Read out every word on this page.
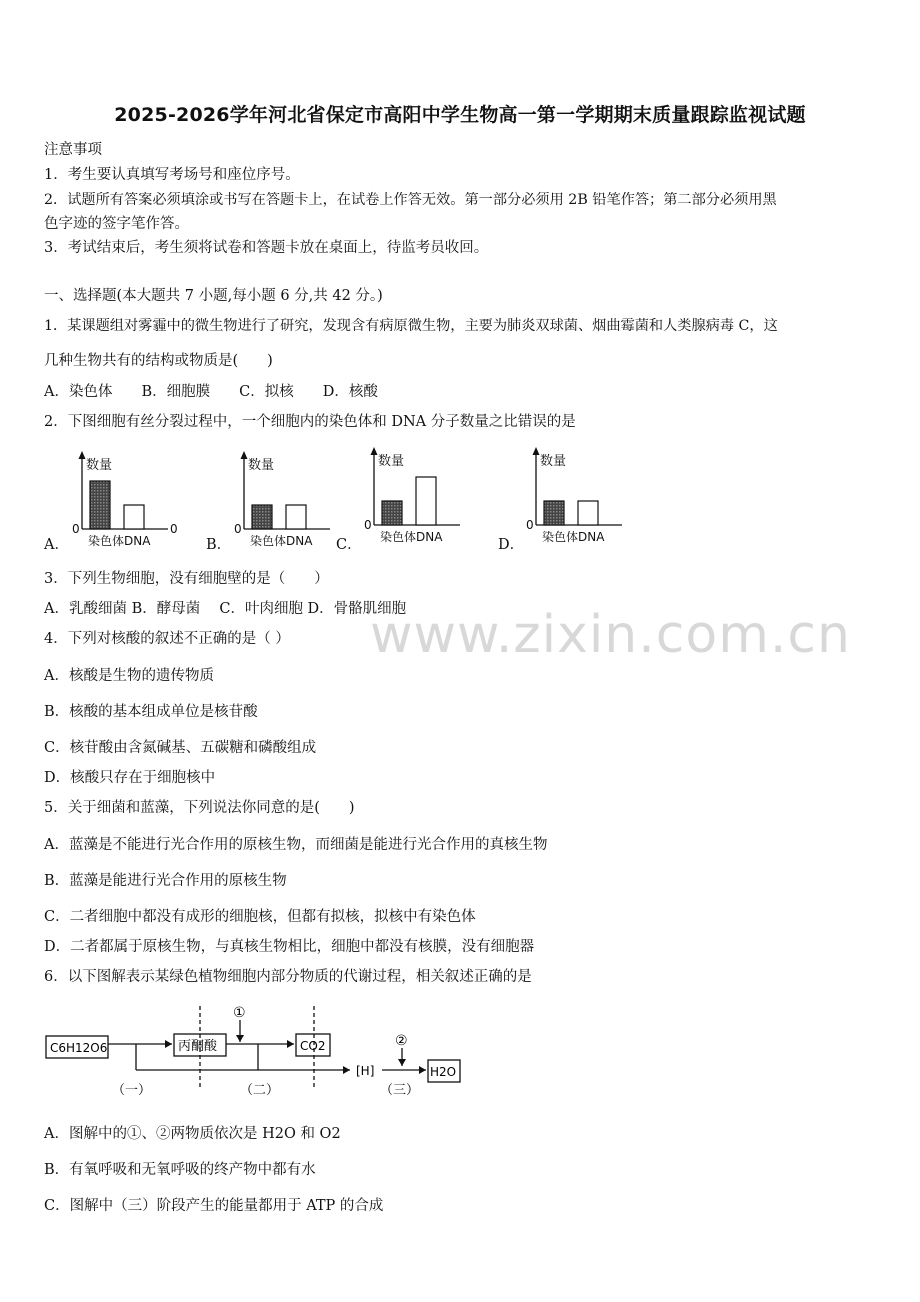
2025-2026学年河北省保定市高阳中学生物高一第一学期期末质量跟踪监视试题
注意事项
1．考生要认真填写考场号和座位序号。
2．试题所有答案必须填涂或书写在答题卡上，在试卷上作答无效。第一部分必须用 2B 铅笔作答；第二部分必须用黑
色字迹的签字笔作答。
3．考试结束后，考生须将试卷和答题卡放在桌面上，待监考员收回。
一、选择题(本大题共 7 小题,每小题 6 分,共 42 分。)
1．某课题组对雾霾中的微生物进行了研究，发现含有病原微生物，主要为肺炎双球菌、烟曲霉菌和人类腺病毒 C，这
几种生物共有的结构或物质是(　　)
A．染色体　　B．细胞膜　　C．拟核　　D．核酸
2．下图细胞有丝分裂过程中，一个细胞内的染色体和 DNA 分子数量之比错误的是
数量
0
染色体DNA
数量
0
染色体DNA
数量
0
染色体DNA
数量
0
染色体DNA
0
A．	B．	C．	D．
3．下列生物细胞，没有细胞壁的是（　　）
A．乳酸细菌 B．酵母菌　 C．叶肉细胞 D．骨骼肌细胞
4．下列对核酸的叙述不正确的是（ ）
A．核酸是生物的遗传物质
B．核酸的基本组成单位是核苷酸
C．核苷酸由含氮碱基、五碳糖和磷酸组成
D．核酸只存在于细胞核中
5．关于细菌和蓝藻，下列说法你同意的是(　　)
A．蓝藻是不能进行光合作用的原核生物，而细菌是能进行光合作用的真核生物
B．蓝藻是能进行光合作用的原核生物
C．二者细胞中都没有成形的细胞核，但都有拟核，拟核中有染色体
D．二者都属于原核生物，与真核生物相比，细胞中都没有核膜，没有细胞器
6．以下图解表示某绿色植物细胞内部分物质的代谢过程，相关叙述正确的是
C6H12O6	丙酮酸	CO2
[H]	H2O
①
②
（一）	（二）	（三）
A．图解中的①、②两物质依次是 H2O 和 O2
B．有氧呼吸和无氧呼吸的终产物中都有水
C．图解中（三）阶段产生的能量都用于 ATP 的合成
www.zixin.com.cn
